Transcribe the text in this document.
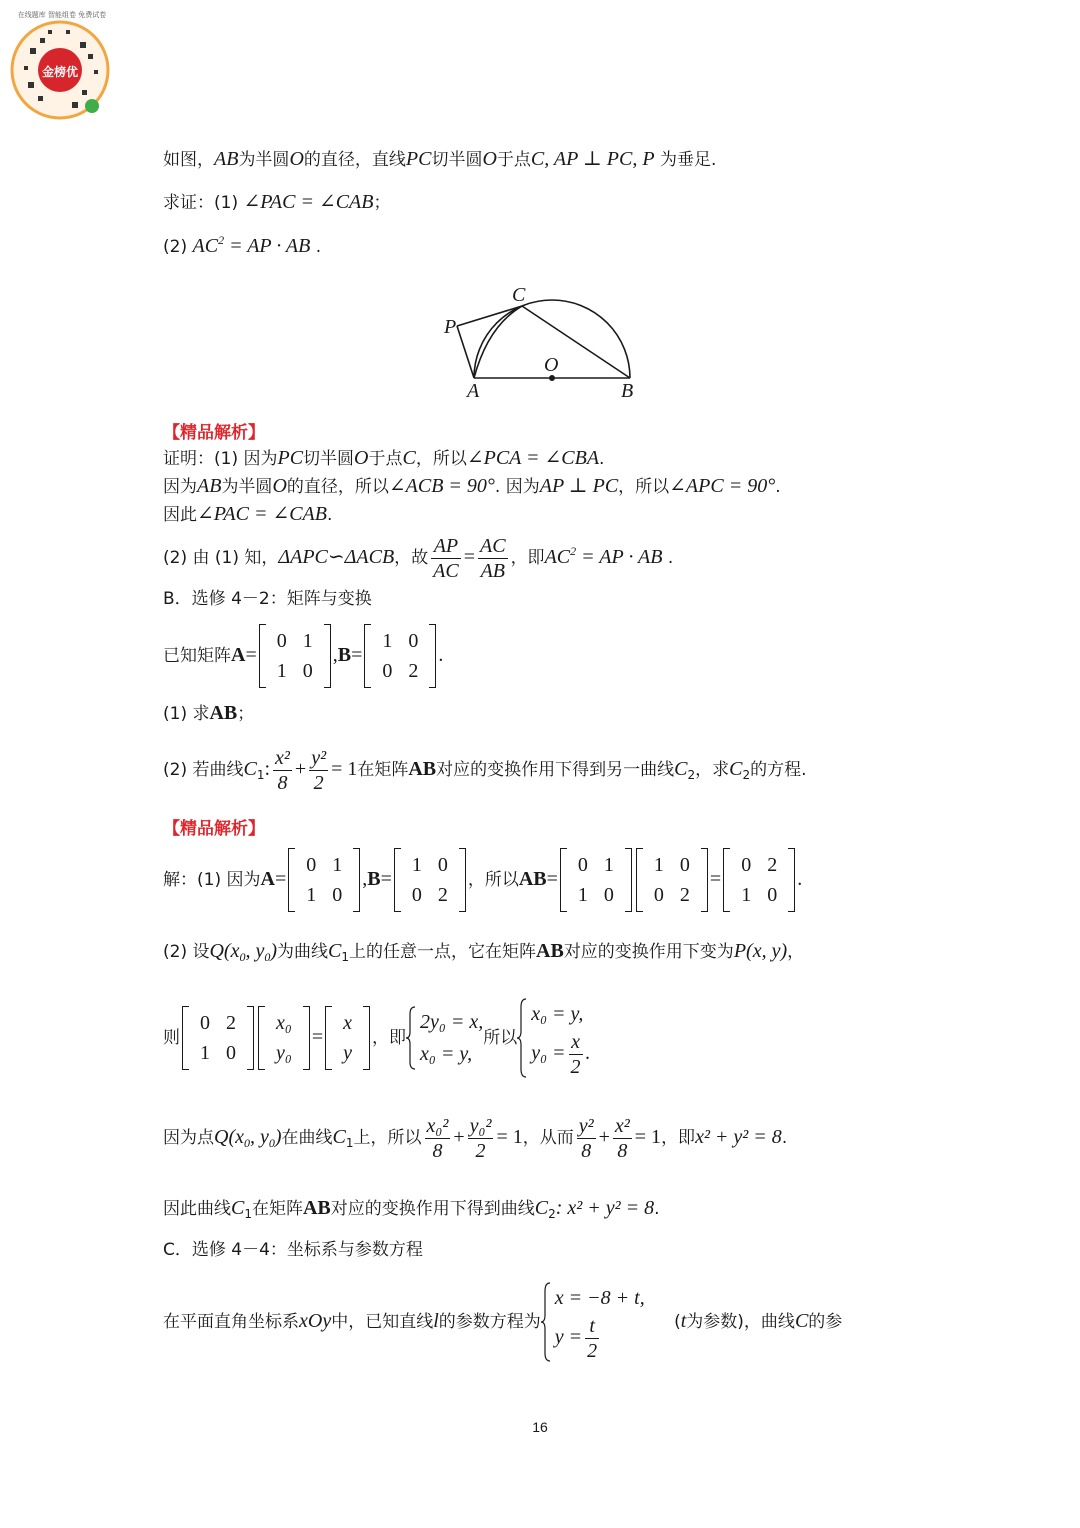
在线题库 智能组卷 免费试卷
金榜优
如图，AB为半圆O的直径，直线PC切半圆O于点C, AP ⊥ PC, P 为垂足.
求证：(1) ∠PAC = ∠CAB；
(2) $AC^2$ = AP · AB .
C
P
O
A	B
【精品解析】
证明：(1) 因为PC切半圆O于点C，所以∠PCA = ∠CBA.
因为AB为半圆O的直径，所以∠ACB = 90°. 因为AP ⊥ PC，所以∠APC = 90°.
因此∠PAC = ∠CAB.
(2) 由 (1) 知，ΔAPC∽ΔACB，故 $\frac{AP}{AC} = \frac{AC}{AB}$ ，即$AC^2$ = AP · AB .
B．选修 4－2：矩阵与变换
已知矩阵A=
0	1
1	0
,B=
1	0
0	2
.
(1) 求AB；
(2) 若曲线$C_1$: $\frac{\text{x²}}{8} + \frac{\text{y²}}{2} = 1$在矩阵AB对应的变换作用下得到另一曲线$C_2$，求$C_2$的方程.
【精品解析】
解：(1) 因为A=
0	1
1	0
,B=
1	0
0	2
，所以AB=
0	1
1	0
1	0
0	2
=
0	2
1	0
.
(2) 设$Q(x_0$, $y_0$)为曲线$C_1$上的任意一点，它在矩阵AB对应的变换作用下变为P(x, y)，
则
0	2
1	0
x₀
y₀
=
x
y
，即
2y₀ = x,
x₀ = y,
所以
x₀ = y,
$y_0 = \frac{x}{2}$ .
因为点$Q(x_0$, $y_0$)在曲线$C_1$上，所以 $\frac{\text{x₀²}}{8} + \frac{\text{y₀²}}{2} = 1$，从而 $\frac{\text{y²}}{8} + \frac{\text{x²}}{8} = 1$，即x² + y² = 8.
因此曲线$C_1$在矩阵AB对应的变换作用下得到曲线$C_2$: x² + y² = 8.
C．选修 4－4：坐标系与参数方程
在平面直角坐标系xOy中，已知直线l的参数方程为
x = −8 + t,
$y = \frac{t}{2}$	(t为参数)，曲线C的参
16
